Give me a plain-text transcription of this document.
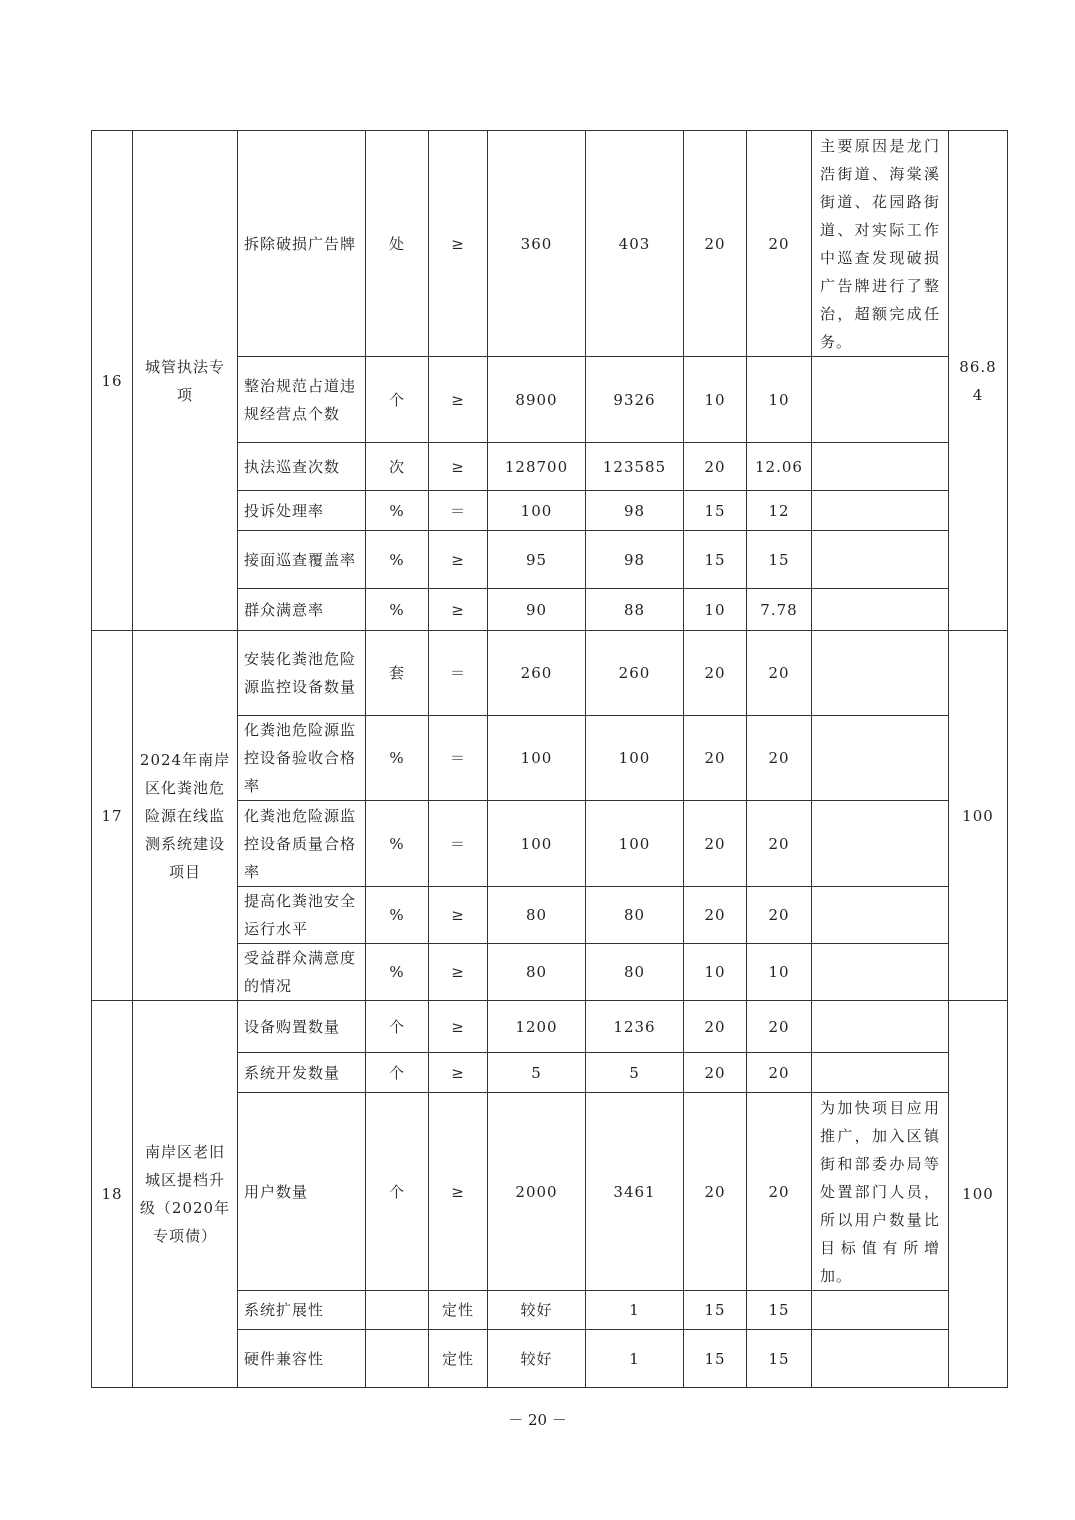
16	城管执法专项	拆除破损广告牌	处	≥	360	403	20	20	主要原因是龙门浩街道、海棠溪街道、花园路街道、对实际工作中巡查发现破损广告牌进行了整治，超额完成任务。	86.84
		整治规范占道违规经营点个数	个	≥	8900	9326	10	10		
		执法巡查次数	次	≥	128700	123585	20	12.06		
		投诉处理率	%	＝	100	98	15	12		
		接面巡查覆盖率	%	≥	95	98	15	15		
		群众满意率	%	≥	90	88	10	7.78		
17	2024年南岸区化粪池危险源在线监测系统建设项目	安装化粪池危险源监控设备数量	套	＝	260	260	20	20		100
		化粪池危险源监控设备验收合格率	%	＝	100	100	20	20		
		化粪池危险源监控设备质量合格率	%	＝	100	100	20	20		
		提高化粪池安全运行水平	%	≥	80	80	20	20		
		受益群众满意度的情况	%	≥	80	80	10	10		
18	南岸区老旧城区提档升级（2020年专项债）	设备购置数量	个	≥	1200	1236	20	20		100
		系统开发数量	个	≥	5	5	20	20		
		用户数量	个	≥	2000	3461	20	20	为加快项目应用推广，加入区镇街和部委办局等处置部门人员，所以用户数量比目标值有所增加。	
		系统扩展性		定性	较好	1	15	15		
		硬件兼容性		定性	较好	1	15	15		
－ 20 －
